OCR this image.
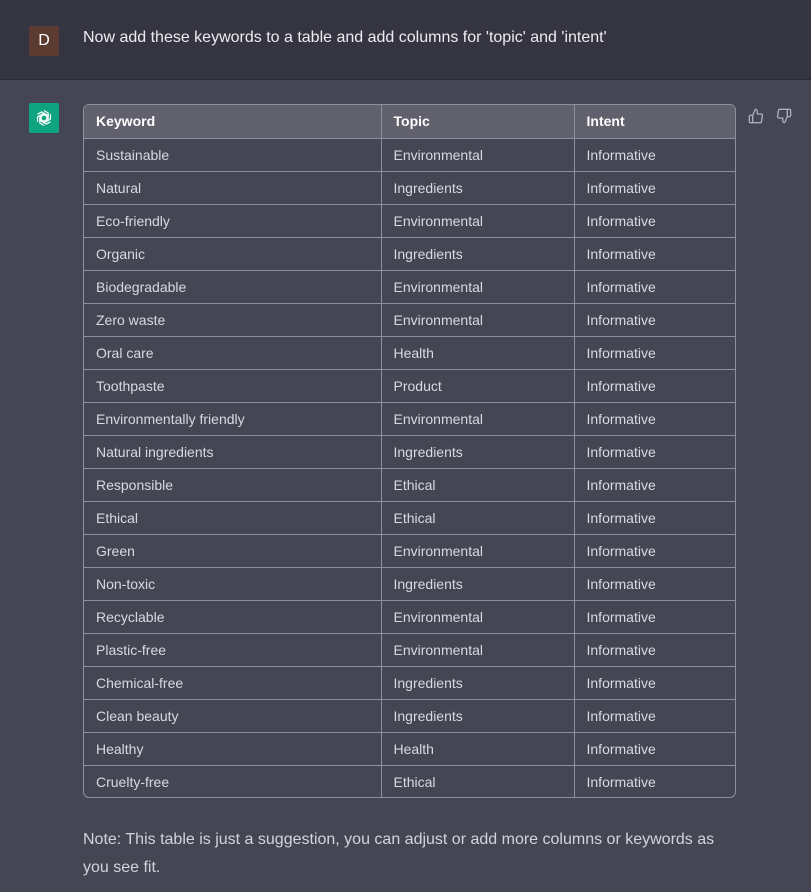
D	Now add these keywords to a table and add columns for 'topic' and 'intent'
Keyword	Topic	Intent
Sustainable	Environmental	Informative
Natural	Ingredients	Informative
Eco-friendly	Environmental	Informative
Organic	Ingredients	Informative
Biodegradable	Environmental	Informative
Zero waste	Environmental	Informative
Oral care	Health	Informative
Toothpaste	Product	Informative
Environmentally friendly	Environmental	Informative
Natural ingredients	Ingredients	Informative
Responsible	Ethical	Informative
Ethical	Ethical	Informative
Green	Environmental	Informative
Non-toxic	Ingredients	Informative
Recyclable	Environmental	Informative
Plastic-free	Environmental	Informative
Chemical-free	Ingredients	Informative
Clean beauty	Ingredients	Informative
Healthy	Health	Informative
Cruelty-free	Ethical	Informative
Note: This table is just a suggestion, you can adjust or add more columns or keywords as you see fit.
